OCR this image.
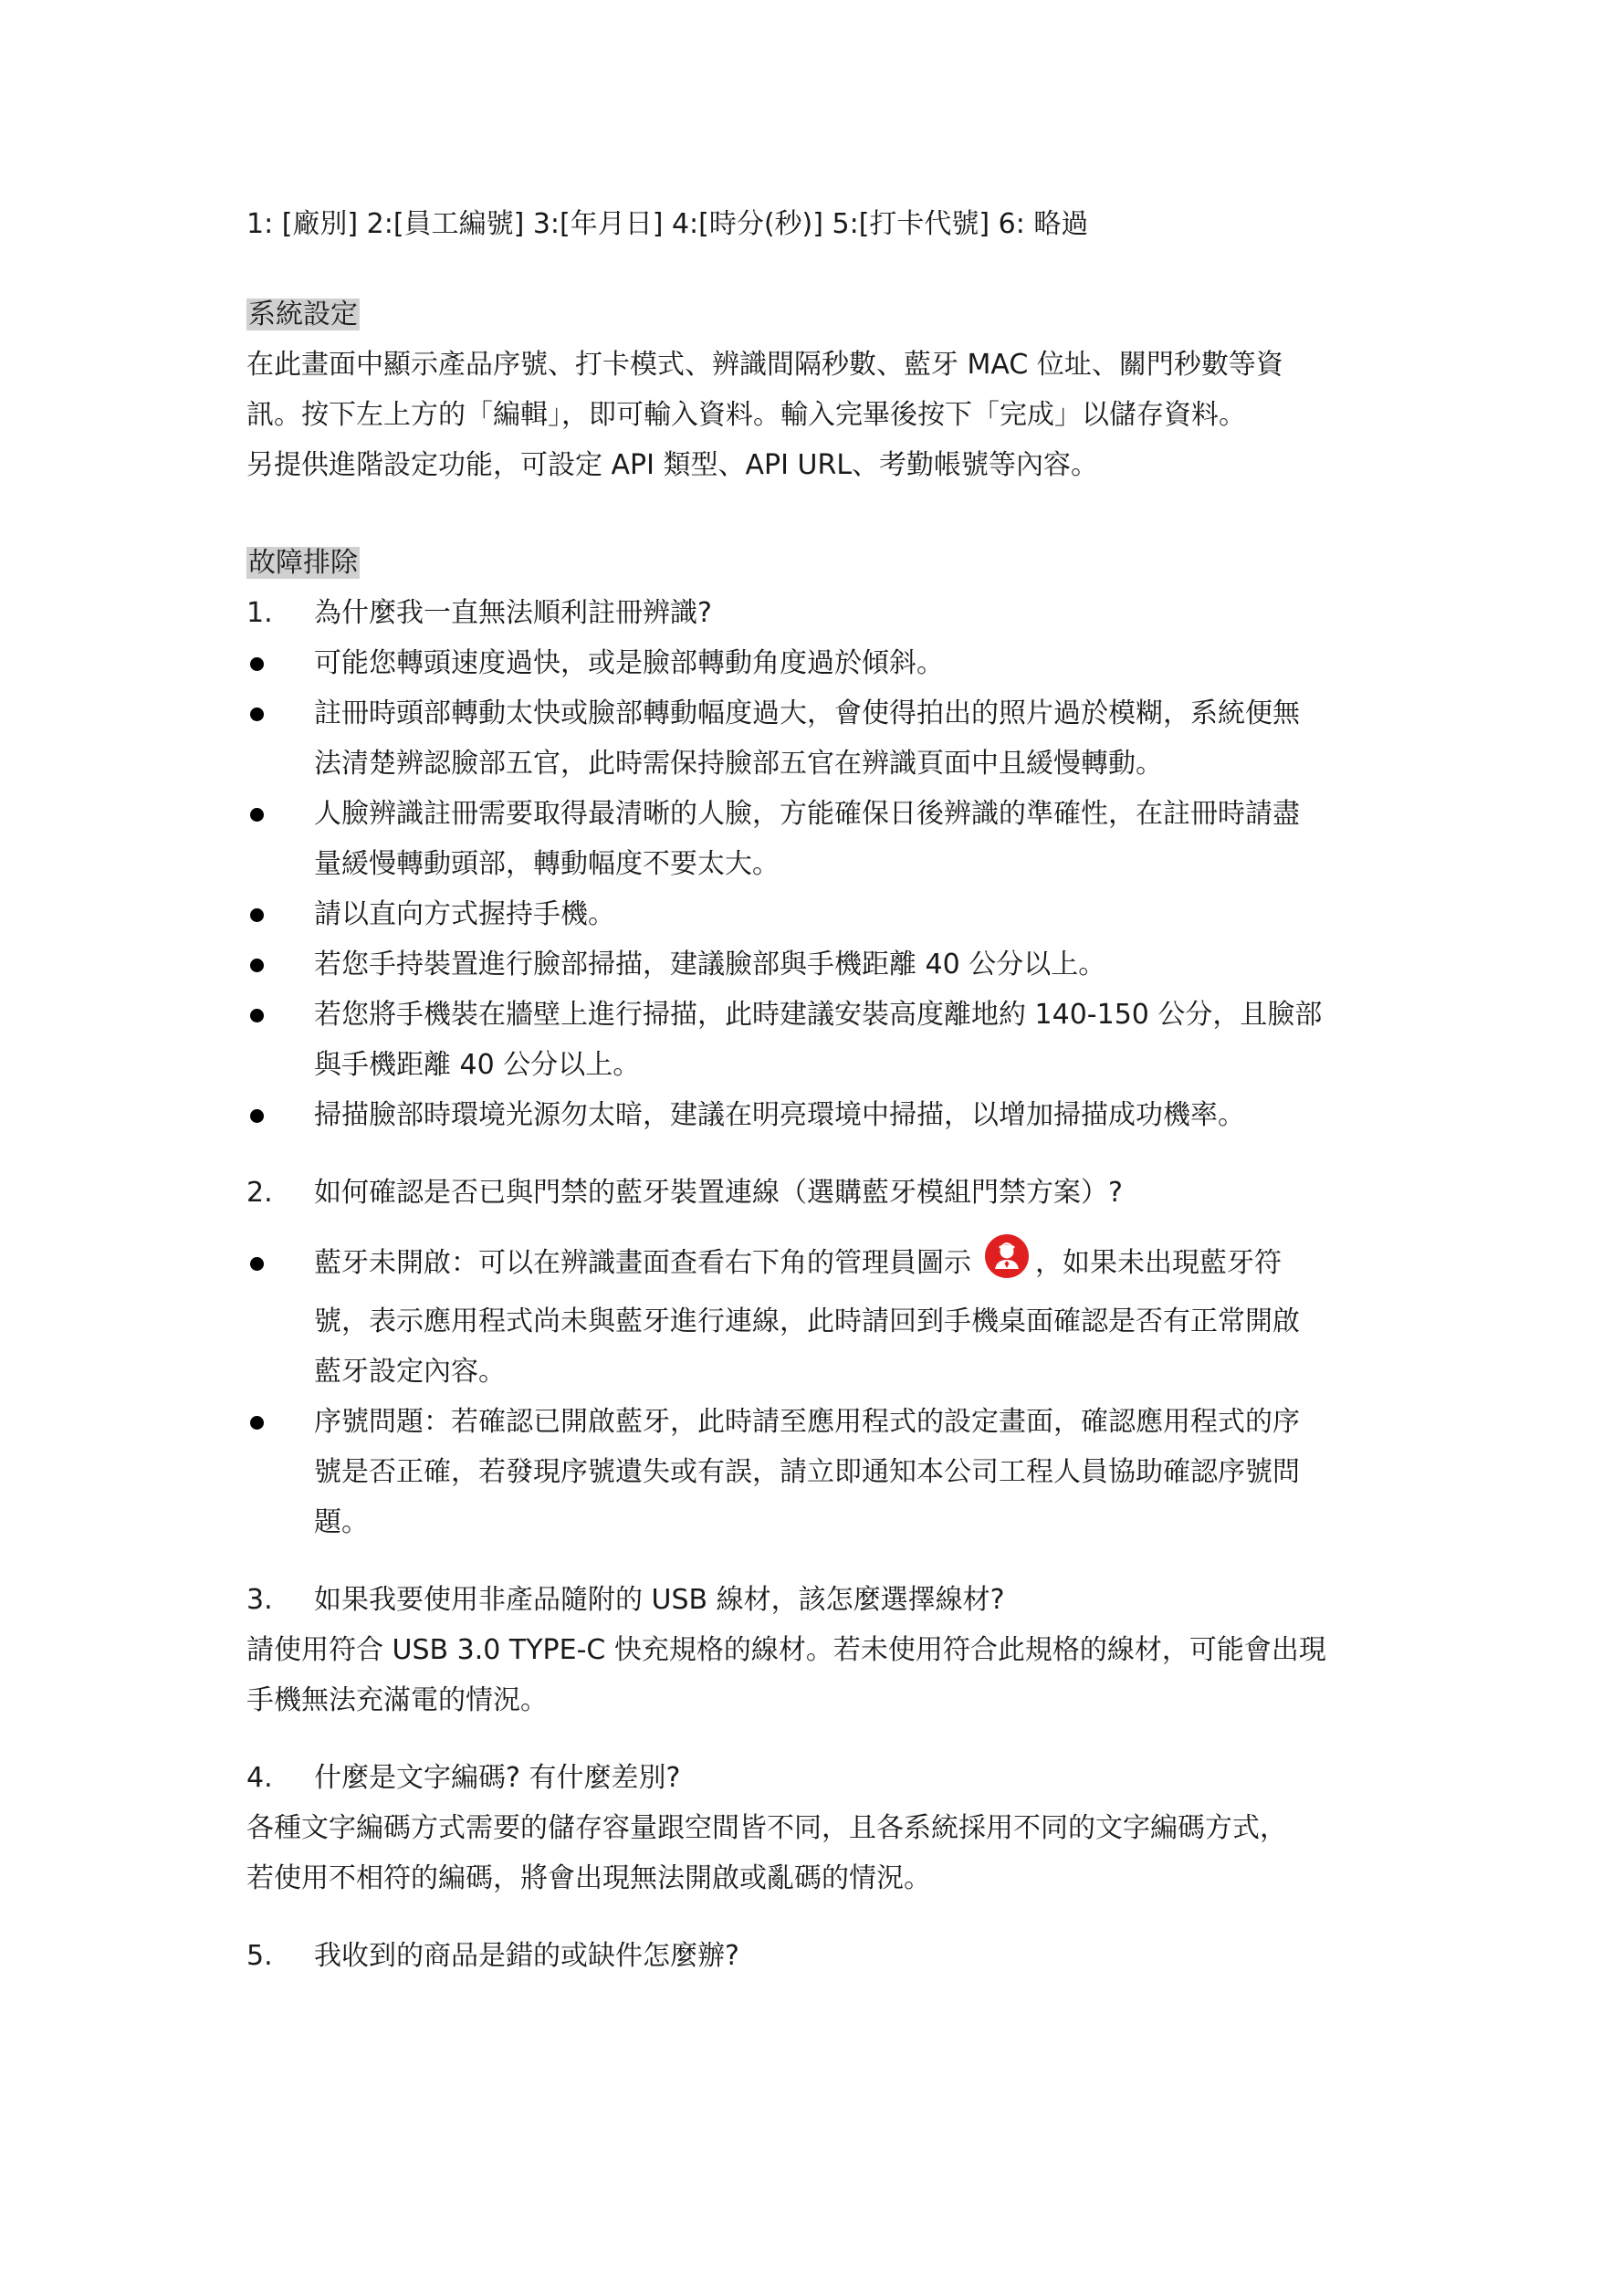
1: [廠別] 2:[員工編號] 3:[年月日] 4:[時分(秒)] 5:[打卡代號] 6: 略過
系統設定
在此畫面中顯示產品序號、打卡模式、辨識間隔秒數、藍牙 MAC 位址、關門秒數等資
訊。按下左上方的「編輯」，即可輸入資料。輸入完畢後按下「完成」以儲存資料。
另提供進階設定功能，可設定 API 類型、API URL、考勤帳號等內容。
故障排除
1.	為什麼我一直無法順利註冊辨識?
可能您轉頭速度過快，或是臉部轉動角度過於傾斜。
註冊時頭部轉動太快或臉部轉動幅度過大，會使得拍出的照片過於模糊，系統便無
法清楚辨認臉部五官，此時需保持臉部五官在辨識頁面中且緩慢轉動。
人臉辨識註冊需要取得最清晰的人臉，方能確保日後辨識的準確性，在註冊時請盡
量緩慢轉動頭部，轉動幅度不要太大。
請以直向方式握持手機。
若您手持裝置進行臉部掃描，建議臉部與手機距離 40 公分以上。
若您將手機裝在牆壁上進行掃描，此時建議安裝高度離地約 140-150 公分，且臉部
與手機距離 40 公分以上。
掃描臉部時環境光源勿太暗，建議在明亮環境中掃描，以增加掃描成功機率。
2.	如何確認是否已與門禁的藍牙裝置連線（選購藍牙模組門禁方案）?
藍牙未開啟：可以在辨識畫面查看右下角的管理員圖示 ，如果未出現藍牙符
號，表示應用程式尚未與藍牙進行連線，此時請回到手機桌面確認是否有正常開啟
藍牙設定內容。
序號問題：若確認已開啟藍牙，此時請至應用程式的設定畫面，確認應用程式的序
號是否正確，若發現序號遺失或有誤，請立即通知本公司工程人員協助確認序號問
題。
3.	如果我要使用非產品隨附的 USB 線材，該怎麼選擇線材?
請使用符合 USB 3.0 TYPE-C 快充規格的線材。若未使用符合此規格的線材，可能會出現
手機無法充滿電的情況。
4.	什麼是文字編碼? 有什麼差別?
各種文字編碼方式需要的儲存容量跟空間皆不同，且各系統採用不同的文字編碼方式，
若使用不相符的編碼，將會出現無法開啟或亂碼的情況。
5.	我收到的商品是錯的或缺件怎麼辦?
